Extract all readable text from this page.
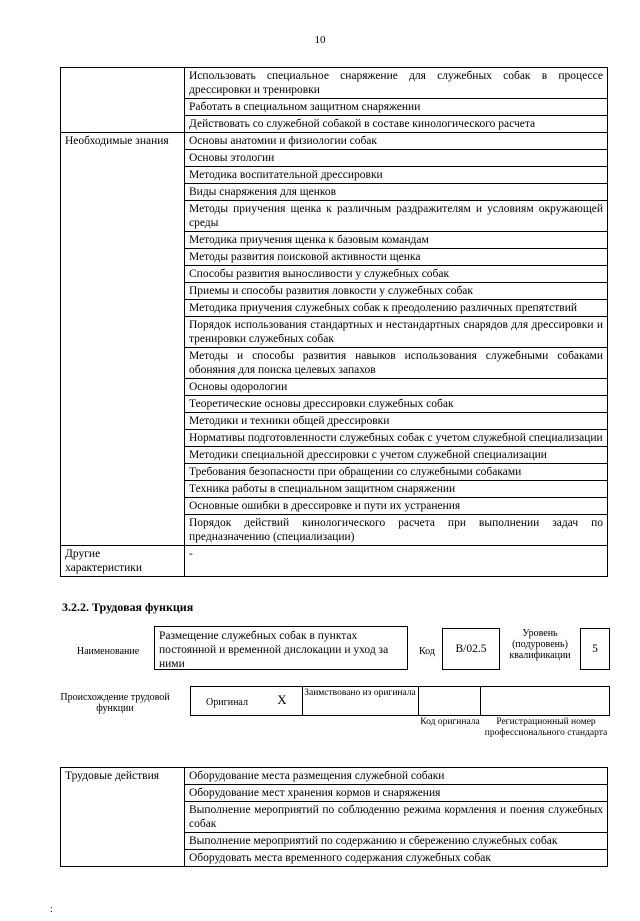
10
	Использовать специальное снаряжение для служебных собак в процессе дрессировки и тренировки
	Работать в специальном защитном снаряжении
	Действовать со служебной собакой в составе кинологического расчета
Необходимые знания	Основы анатомии и физиологии собак
	Основы этологии
	Методика воспитательной дрессировки
	Виды снаряжения для щенков
	Методы приучения щенка к различным раздражителям и условиям окружающей среды
	Методика приучения щенка к базовым командам
	Методы развития поисковой активности щенка
	Способы развития выносливости у служебных собак
	Приемы и способы развития ловкости у служебных собак
	Методика приучения служебных собак к преодолению различных препятствий
	Порядок использования стандартных и нестандартных снарядов для дрессировки и тренировки служебных собак
	Методы и способы развития навыков использования служебными собаками обоняния для поиска целевых запахов
	Основы одорологии
	Теоретические основы дрессировки служебных собак
	Методики и техники общей дрессировки
	Нормативы подготовленности служебных собак с учетом служебной специализации
	Методики специальной дрессировки с учетом служебной специализации
	Требования безопасности при обращении со служебными собаками
	Техника работы в специальном защитном снаряжении
	Основные ошибки в дрессировке и пути их устранения
	Порядок действий кинологического расчета при выполнении задач по предназначению (специализации)
Другие характеристики	-
3.2.2. Трудовая функция
Наименование
Размещение служебных собак в пунктах постоянной и временной дислокации и уход за ними
Код	B/02.5
Уровень (подуровень) квалификации
5
Происхождение трудовой функции
Оригинал	X	Заимствовано из оригинала
Код оригинала	Регистрационный номер профессионального стандарта
Трудовые действия	Оборудование места размещения служебной собаки
Оборудование мест хранения кормов и снаряжения
Выполнение мероприятий по соблюдению режима кормления и поения служебных собак
Выполнение мероприятий по содержанию и сбережению служебных собак
Оборудовать места временного содержания служебных собак
:
